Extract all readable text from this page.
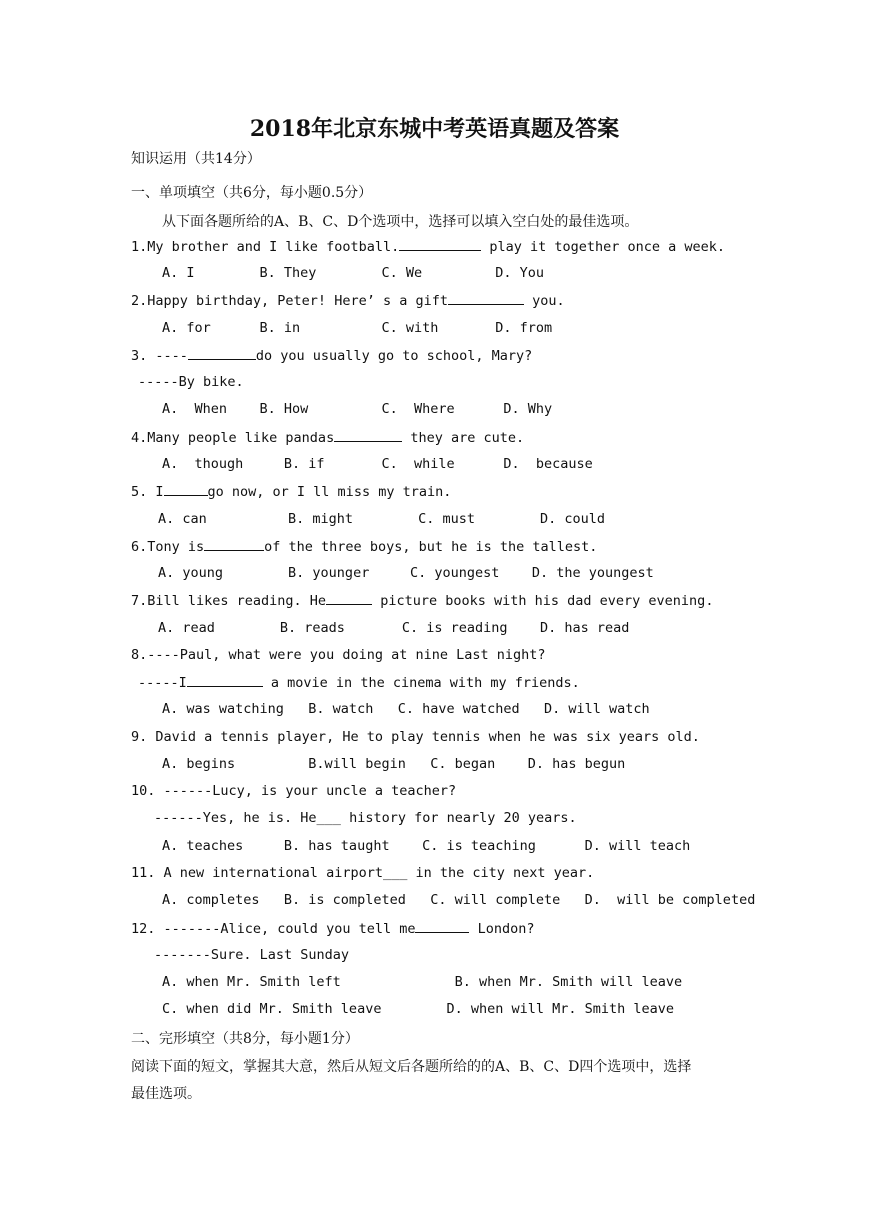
2018年北京东城中考英语真题及答案
知识运用（共14分）
一、单项填空（共6分，每小题0.5分）
从下面各题所给的A、B、C、D个选项中，选择可以填入空白处的最佳选项。
1.My brother and I like football.	play it together once a week.
A. I        B. They        C. We         D. You
2.Happy birthday, Peter! Here’ s a gift	you.
A. for      B. in          C. with       D. from
3. ----	do you usually go to school, Mary?
-----By bike.
A.  When    B. How         C.  Where      D. Why
4.Many people like pandas	they are cute.
A.  though     B. if       C.  while      D.  because
5. I	go now, or I ll miss my train.
A. can          B. might        C. must        D. could
6.Tony is	of the three boys, but he is the tallest.
A. young        B. younger     C. youngest    D. the youngest
7.Bill likes reading. He	picture books with his dad every evening.
A. read        B. reads       C. is reading    D. has read
8.----Paul, what were you doing at nine Last night?
-----I	a movie in the cinema with my friends.
A. was watching   B. watch   C. have watched   D. will watch
9. David a tennis player, He to play tennis when he was six years old.
A. begins         B.will begin   C. began    D. has begun
10. ------Lucy, is your uncle a teacher?
------Yes, he is. He___ history for nearly 20 years.
A. teaches     B. has taught    C. is teaching      D. will teach
11. A new international airport___ in the city next year.
A. completes   B. is completed   C. will complete   D.  will be completed
12. -------Alice, could you tell me	London?
-------Sure. Last Sunday
A. when Mr. Smith left              B. when Mr. Smith will leave
C. when did Mr. Smith leave        D. when will Mr. Smith leave
二、完形填空（共8分，每小题1分）
阅读下面的短文，掌握其大意，然后从短文后各题所给的的A、B、C、D四个选项中，选择
最佳选项。
